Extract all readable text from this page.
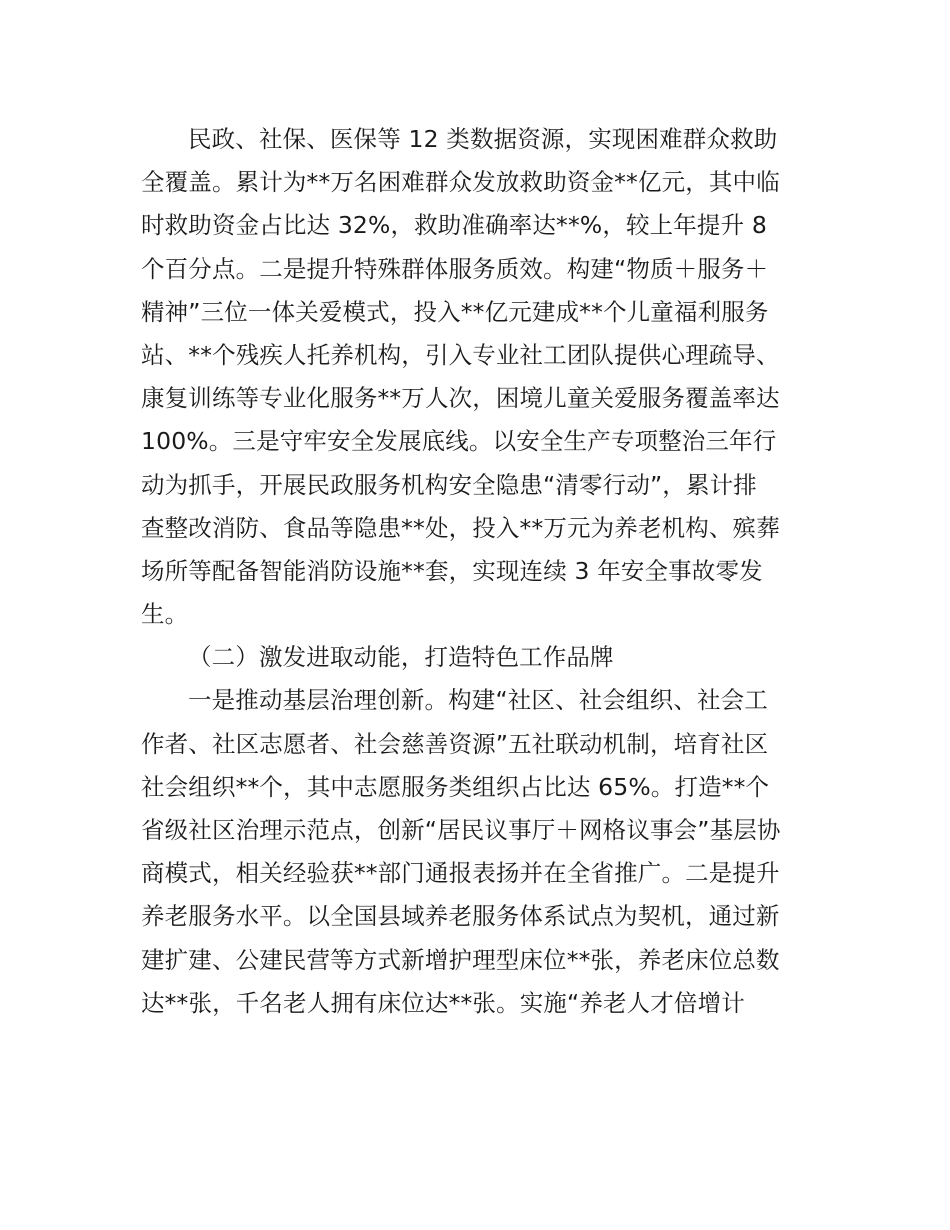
民政、社保、医保等 12 类数据资源，实现困难群众救助
全覆盖。累计为**万名困难群众发放救助资金**亿元，其中临
时救助资金占比达 32%，救助准确率达**%，较上年提升 8
个百分点。二是提升特殊群体服务质效。构建“物质＋服务＋
精神”三位一体关爱模式，投入**亿元建成**个儿童福利服务
站、**个残疾人托养机构，引入专业社工团队提供心理疏导、
康复训练等专业化服务**万人次，困境儿童关爱服务覆盖率达
100%。三是守牢安全发展底线。以安全生产专项整治三年行
动为抓手，开展民政服务机构安全隐患“清零行动”，累计排
查整改消防、食品等隐患**处，投入**万元为养老机构、殡葬
场所等配备智能消防设施**套，实现连续 3 年安全事故零发
生。
（二）激发进取动能，打造特色工作品牌
一是推动基层治理创新。构建“社区、社会组织、社会工
作者、社区志愿者、社会慈善资源”五社联动机制，培育社区
社会组织**个，其中志愿服务类组织占比达 65%。打造**个
省级社区治理示范点，创新“居民议事厅＋网格议事会”基层协
商模式，相关经验获**部门通报表扬并在全省推广。二是提升
养老服务水平。以全国县域养老服务体系试点为契机，通过新
建扩建、公建民营等方式新增护理型床位**张，养老床位总数
达**张，千名老人拥有床位达**张。实施“养老人才倍增计
